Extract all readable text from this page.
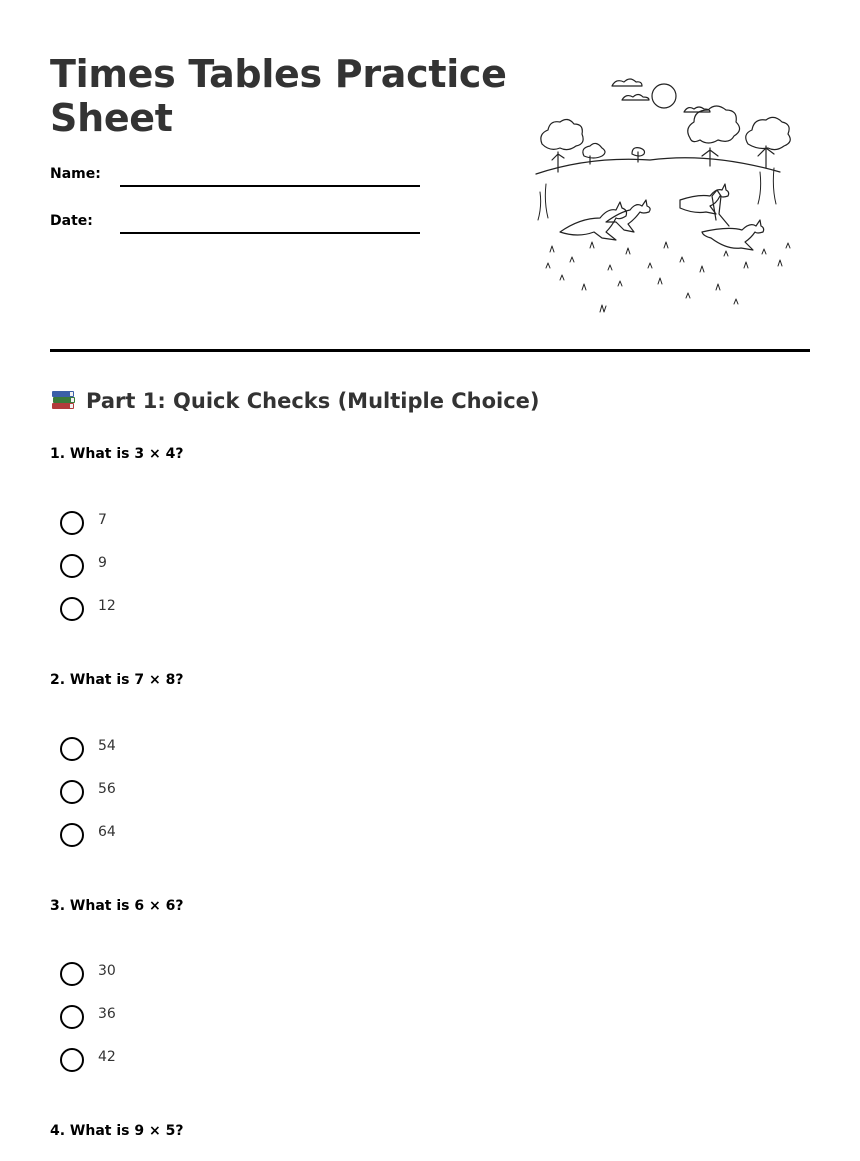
Times Tables Practice Sheet
Name:
Date:
Part 1: Quick Checks (Multiple Choice)

1. What is 3 × 4?

7
9
12

2. What is 7 × 8?

54
56
64

3. What is 6 × 6?

30
36
42

4. What is 9 × 5?
